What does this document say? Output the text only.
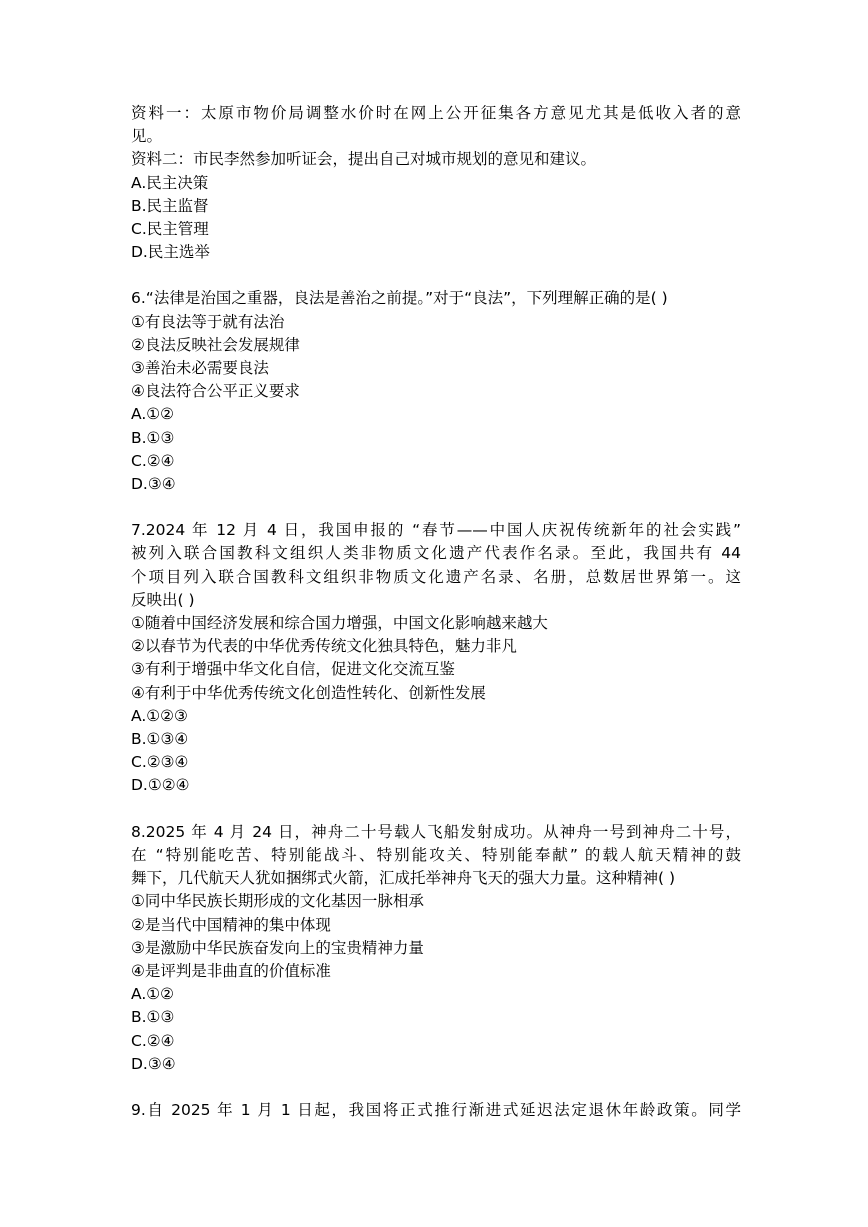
资料一：太原市物价局调整水价时在网上公开征集各方意见尤其是低收入者的意
见。
资料二：市民李然参加听证会，提出自己对城市规划的意见和建议。
A.民主决策
B.民主监督
C.民主管理
D.民主选举
6.“法律是治国之重器，良法是善治之前提。”对于“良法”，下列理解正确的是( )
①有良法等于就有法治
②良法反映社会发展规律
③善治未必需要良法
④良法符合公平正义要求
A.①②
B.①③
C.②④
D.③④
7.2024 年 12 月 4 日，我国申报的 “春节——中国人庆祝传统新年的社会实践”
被列入联合国教科文组织人类非物质文化遗产代表作名录。至此，我国共有 44
个项目列入联合国教科文组织非物质文化遗产名录、名册，总数居世界第一。这
反映出( )
①随着中国经济发展和综合国力增强，中国文化影响越来越大
②以春节为代表的中华优秀传统文化独具特色，魅力非凡
③有利于增强中华文化自信，促进文化交流互鉴
④有利于中华优秀传统文化创造性转化、创新性发展
A.①②③
B.①③④
C.②③④
D.①②④
8.2025 年 4 月 24 日，神舟二十号载人飞船发射成功。从神舟一号到神舟二十号，
在 “特别能吃苦、特别能战斗、特别能攻关、特别能奉献” 的载人航天精神的鼓
舞下，几代航天人犹如捆绑式火箭，汇成托举神舟飞天的强大力量。这种精神( )
①同中华民族长期形成的文化基因一脉相承
②是当代中国精神的集中体现
③是激励中华民族奋发向上的宝贵精神力量
④是评判是非曲直的价值标准
A.①②
B.①③
C.②④
D.③④
9.自 2025 年 1 月 1 日起，我国将正式推行渐进式延迟法定退休年龄政策。同学
